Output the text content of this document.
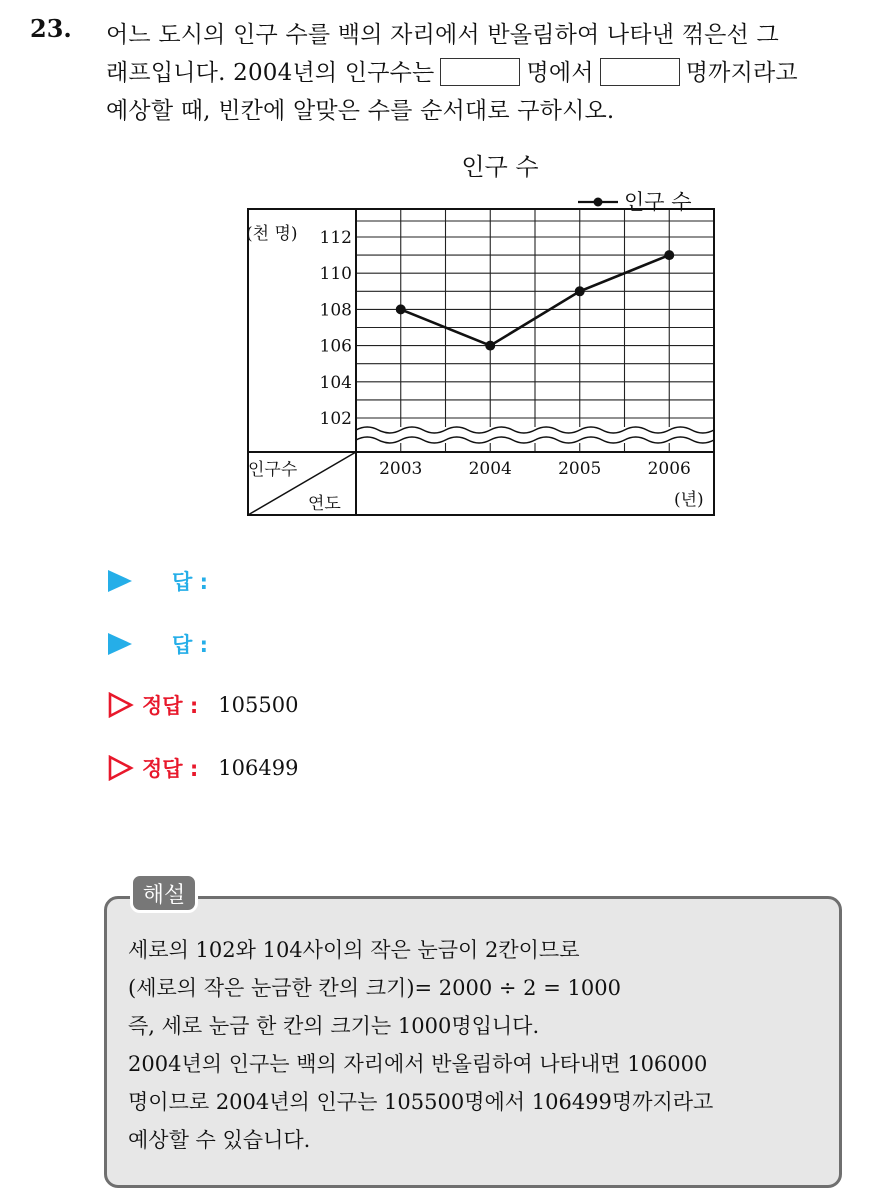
23. 어느 도시의 인구 수를 백의 자리에서 반올림하여 나타낸 꺾은선 그
래프입니다. 2004년의 인구수는	명에서	명까지라고
예상할 때, 빈칸에 알맞은 수를 순서대로 구하시오.
인구 수
인구 수
112
110
108
106
104
102
2003	2004	2005	2006
(천 명)
(년)
인구수
연도
답 :
답 :
정답 : 105500
정답 : 106499
해설
세로의 102와 104사이의 작은 눈금이 2칸이므로
(세로의 작은 눈금한 칸의 크기)= 2000 ÷ 2 = 1000
즉, 세로 눈금 한 칸의 크기는 1000명입니다.
2004년의 인구는 백의 자리에서 반올림하여 나타내면 106000
명이므로 2004년의 인구는 105500명에서 106499명까지라고
예상할 수 있습니다.
